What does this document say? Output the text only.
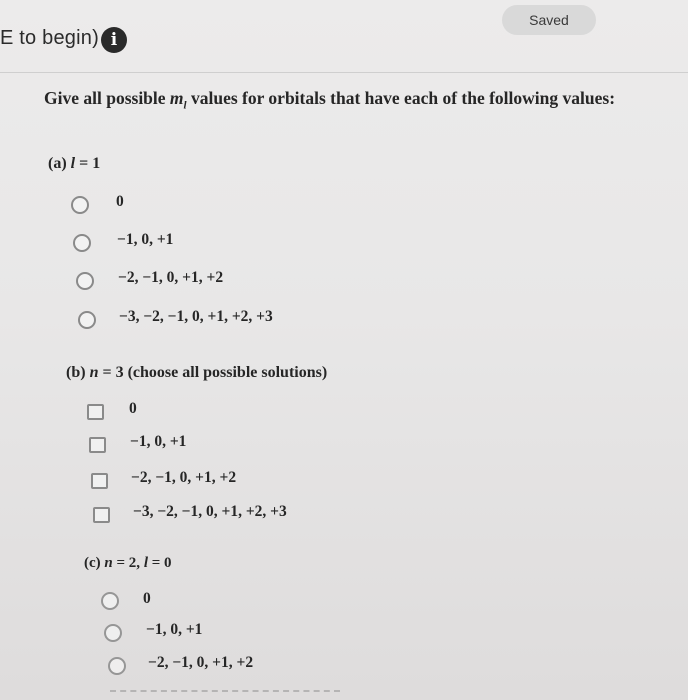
E to begin) i
Saved
Give all possible $m_l$ values for orbitals that have each of the following values:
(a) l = 1
0
−1, 0, +1
−2, −1, 0, +1, +2
−3, −2, −1, 0, +1, +2, +3
(b) n = 3 (choose all possible solutions)
0
−1, 0, +1
−2, −1, 0, +1, +2
−3, −2, −1, 0, +1, +2, +3
(c) n = 2, l = 0
0
−1, 0, +1
−2, −1, 0, +1, +2
